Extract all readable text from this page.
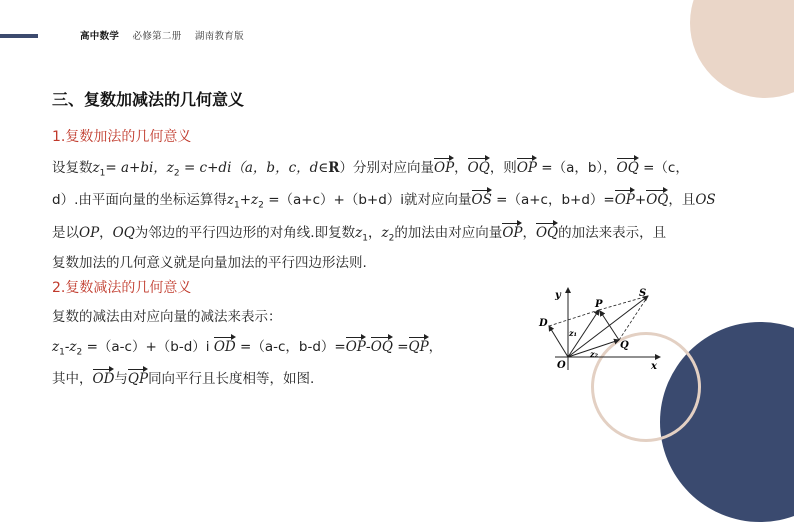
高中数学 必修第二册 湖南教育版
三、复数加减法的几何意义
1.复数加法的几何意义
设复数$z_1= a+bi$，$z_2 = c+di(a$，b，c，d∈R）分别对应向量OP，OQ，则OP =（a，b），OQ =（c，
d）.由平面向量的坐标运算得$z_1+z_2 =(a+c)+(b+d)i$就对应向量OS =（a+c，b+d）=OP+OQ，且OS
是以OP，OQ为邻边的平行四边形的对角线.即复数$z_1$，$z_2$的加法由对应向量OP，OQ的加法来表示，且
复数加法的几何意义就是向量加法的平行四边形法则.
2.复数减法的几何意义
复数的减法由对应向量的减法来表示：
$z_1-z_2 =(a-c)+(b-d)i$ OD =（a-c，b-d）=OP-OQ =QP，
其中，OD与QP同向平行且长度相等，如图.
y
x
O
P
S
D
Q
z₁
z₂
